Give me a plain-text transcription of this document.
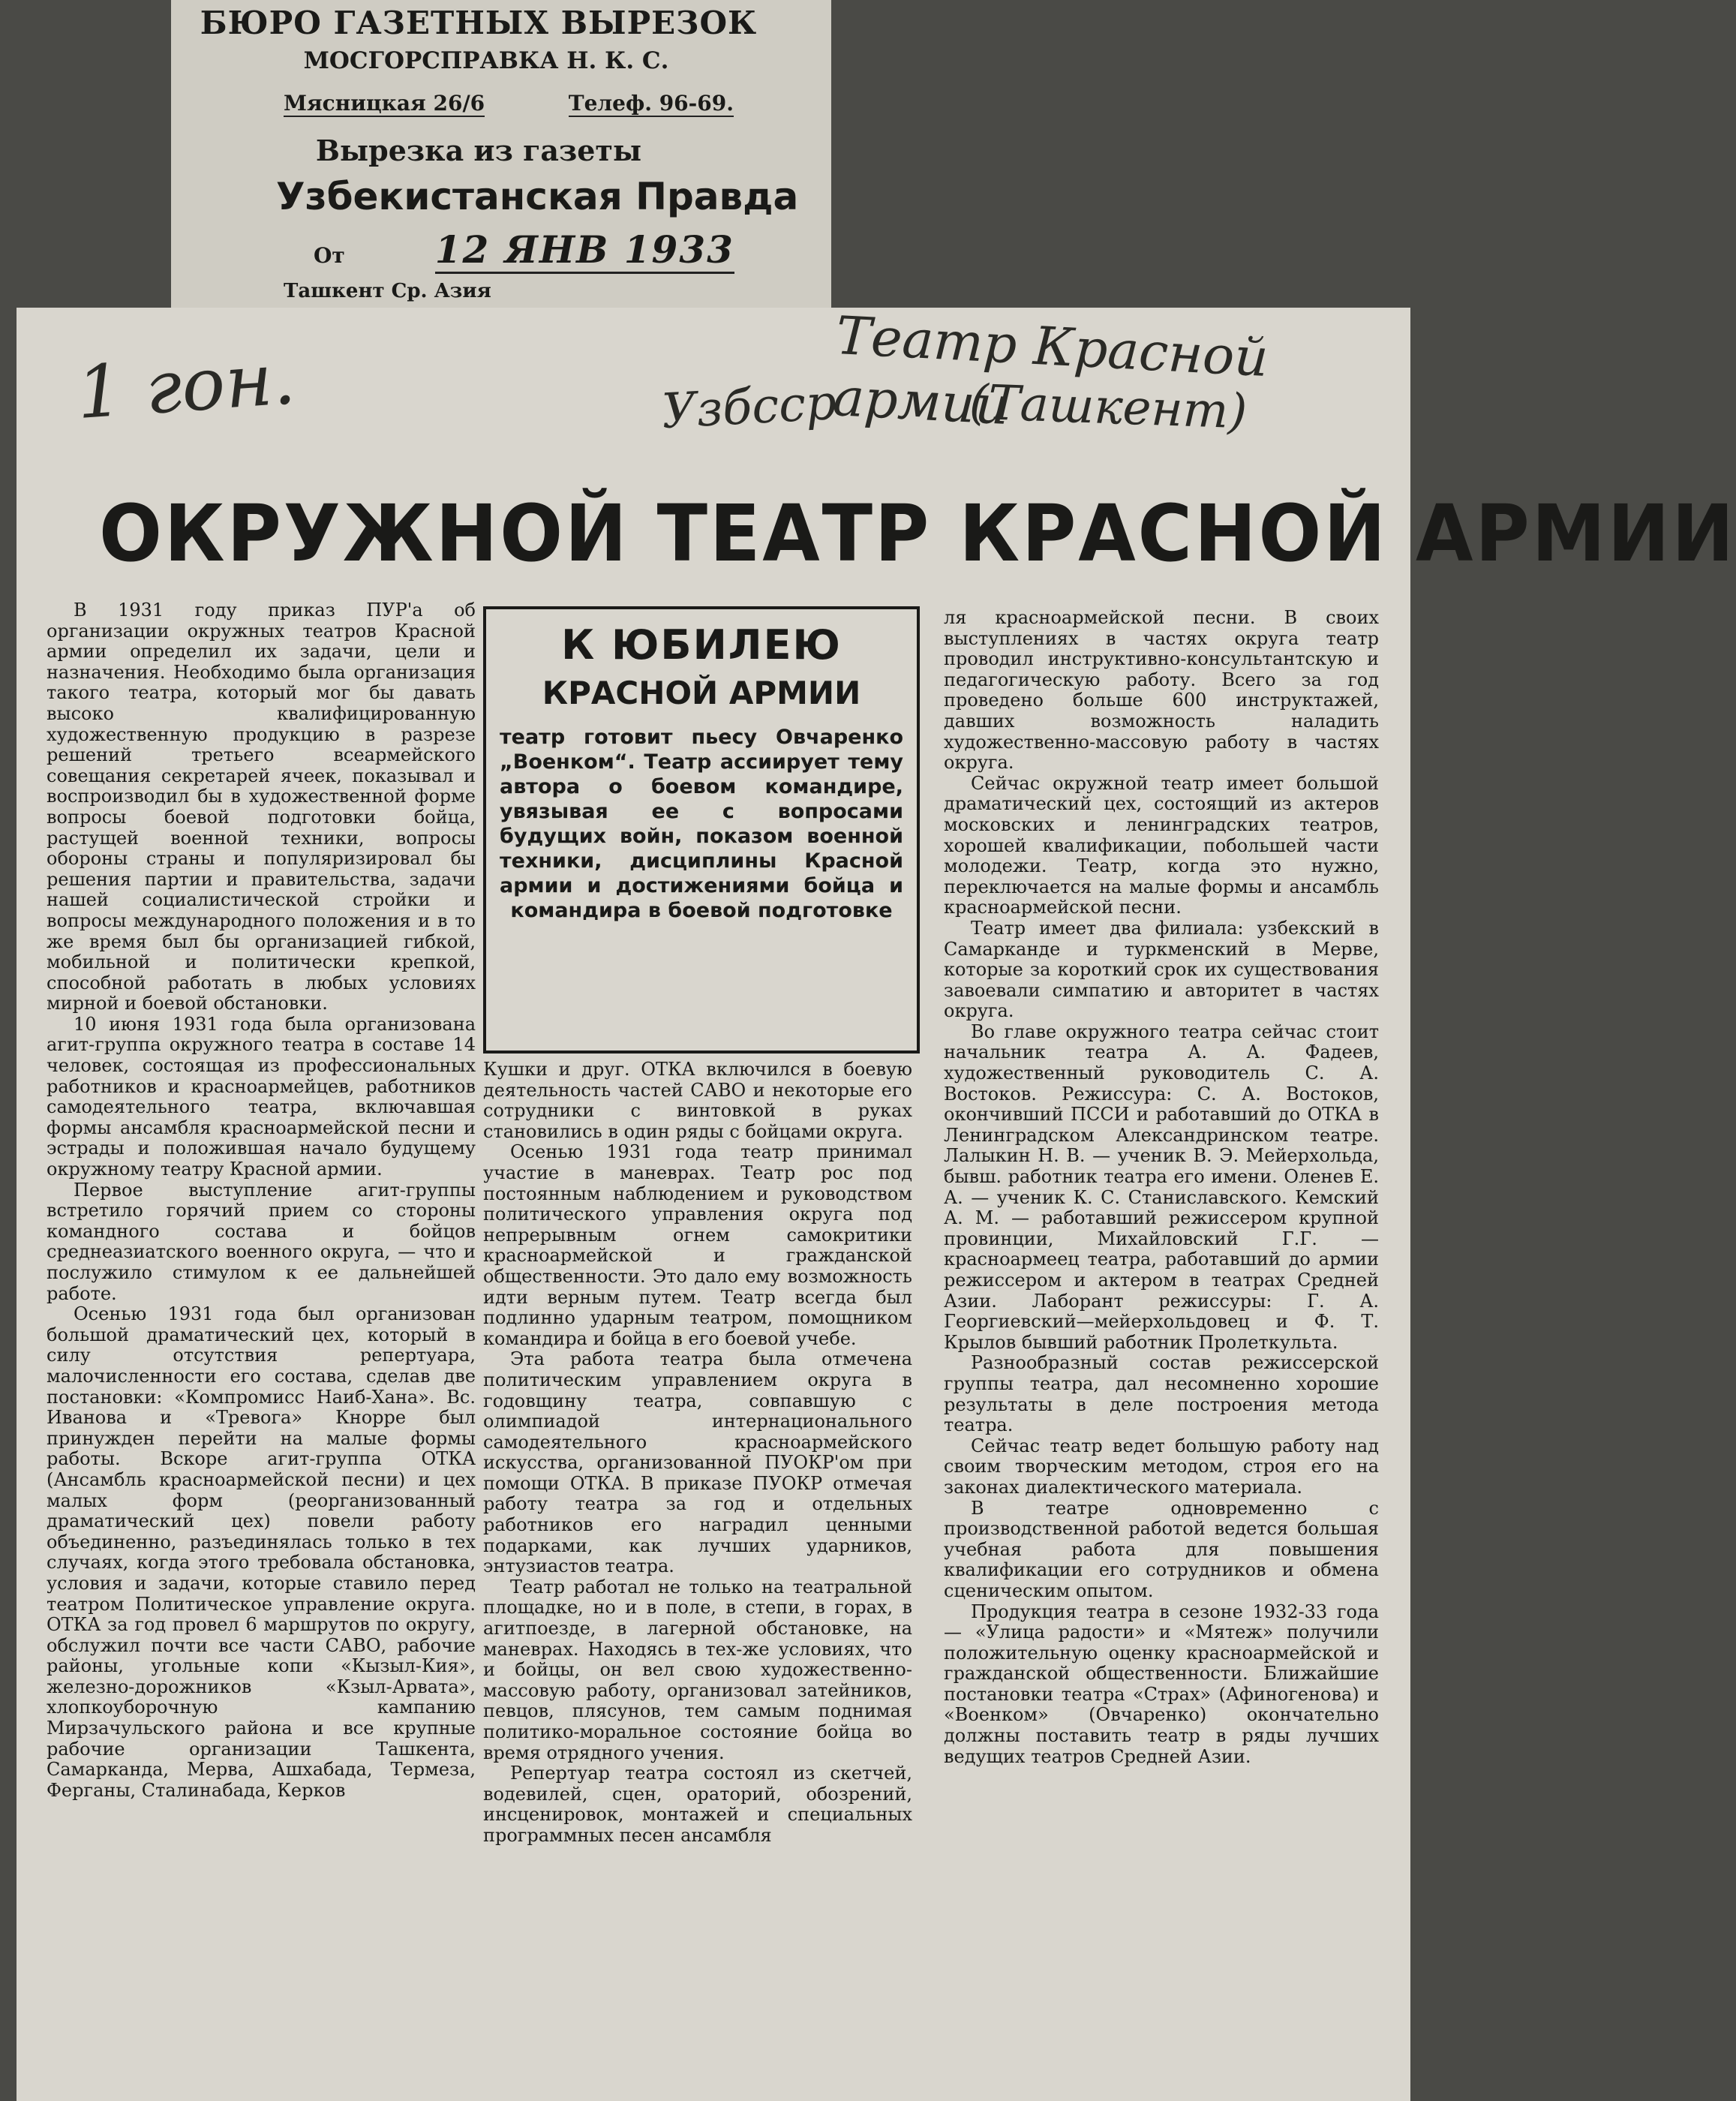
БЮРО ГАЗЕТНЫХ ВЫРЕЗОК
МОСГОРСПРАВКА Н. К. С.
Мясницкая 26/6	Телеф. 96-69.
Вырезка из газеты
Узбекистанская Правда
От 12 ЯНВ 1933
Ташкент Ср. Азия
1 гон.	Узбсср
Театр Красной армии
(Ташкент)
ОКРУЖНОЙ ТЕАТР КРАСНОЙ АРМИИ

В 1931 году приказ ПУР'а об организации окружных театров Красной армии определил их задачи, цели и назначения. Необходимо была организация такого театра, который мог бы давать высоко квалифицированную художественную продукцию в разрезе решений третьего всеармейского совещания секретарей ячеек, показывал и воспроизводил бы в художественной форме вопросы боевой подготовки бойца, растущей военной техники, вопросы обороны страны и популяризировал бы решения партии и правительства, задачи нашей социалистической стройки и вопросы международного положения и в то же время был бы организацией гибкой, мобильной и политически крепкой, способной работать в любых условиях мирной и боевой обстановки.

10 июня 1931 года была организована агит-группа окружного театра в составе 14 человек, состоящая из профессиональных работников и красноармейцев, работников самодеятельного театра, включавшая формы ансамбля красноармейской песни и эстрады и положившая начало будущему окружному театру Красной армии.

Первое выступление агит-группы встретило горячий прием со стороны командного состава и бойцов среднеазиатского военного округа, — что и послужило стимулом к ее дальнейшей работе.

Осенью 1931 года был организован большой драматический цех, который в силу отсутствия репертуара, малочисленности его состава, сделав две постановки: «Компромисс Наиб-Хана». Вс. Иванова и «Тревога» Кнорре был принужден перейти на малые формы работы. Вскоре агит-группа ОТКА (Ансамбль красноармейской песни) и цех малых форм (реорганизованный драматический цех) повели работу объединенно, разъединялась только в тех случаях, когда этого требовала обстановка, условия и задачи, которые ставило перед театром Политическое управление округа. ОТКА за год провел 6 маршрутов по округу, обслужил почти все части САВО, рабочие районы, угольные копи «Кызыл-Кия», железно-дорожников «Кзыл-Арвата», хлопкоуборочную кампанию Мирзачульского района и все крупные рабочие организации Ташкента, Самарканда, Мерва, Ашхабада, Термеза, Ферганы, Сталинабада, Керков

К ЮБИЛЕЮ
КРАСНОЙ АРМИИ
театр готовит пьесу Овчаренко „Военком“. Театр ассиирует тему автора о боевом командире, увязывая ее с вопросами будущих войн, показом военной техники, дисциплины Красной армии и достижениями бойца и командира в боевой подготовке

Кушки и друг. ОТКА включился в боевую деятельность частей САВО и некоторые его сотрудники с винтовкой в руках становились в один ряды с бойцами округа.

Осенью 1931 года театр принимал участие в маневрах. Театр рос под постоянным наблюдением и руководством политического управления округа под непрерывным огнем самокритики красноармейской и гражданской общественности. Это дало ему возможность идти верным путем. Театр всегда был подлинно ударным театром, помощником командира и бойца в его боевой учебе.

Эта работа театра была отмечена политическим управлением округа в годовщину театра, совпавшую с олимпиадой интернационального самодеятельного красноармейского искусства, организованной ПУОКР'ом при помощи ОТКА. В приказе ПУОКР отмечая работу театра за год и отдельных работников его наградил ценными подарками, как лучших ударников, энтузиастов театра.

Театр работал не только на театральной площадке, но и в поле, в степи, в горах, в агитпоезде, в лагерной обстановке, на маневрах. Находясь в тех-же условиях, что и бойцы, он вел свою художественно-массовую работу, организовал затейников, певцов, плясунов, тем самым поднимая политико-моральное состояние бойца во время отрядного учения.

Репертуар театра состоял из скетчей, водевилей, сцен, ораторий, обозрений, инсценировок, монтажей и специальных программных песен ансамбля

ля красноармейской песни. В своих выступлениях в частях округа театр проводил инструктивно-консультантскую и педагогическую работу. Всего за год проведено больше 600 инструктажей, давших возможность наладить художественно-массовую работу в частях округа.

Сейчас окружной театр имеет большой драматический цех, состоящий из актеров московских и ленинградских театров, хорошей квалификации, побольшей части молодежи. Театр, когда это нужно, переключается на малые формы и ансамбль красноармейской песни.

Театр имеет два филиала: узбекский в Самарканде и туркменский в Мерве, которые за короткий срок их существования завоевали симпатию и авторитет в частях округа.

Во главе окружного театра сейчас стоит начальник театра А. А. Фадеев, художественный руководитель С. А. Востоков. Режиссура: С. А. Востоков, окончивший ПССИ и работавший до ОТКА в Ленинградском Александринском театре. Лалыкин Н. В. — ученик В. Э. Мейерхольда, бывш. работник театра его имени. Оленев Е. А. — ученик К. С. Станиславского. Кемский А. М. — работавший режиссером крупной провинции, Михайловский Г.Г. — красноармеец театра, работавший до армии режиссером и актером в театрах Средней Азии. Лаборант режиссуры: Г. А. Георгиевский—мейерхольдовец и Ф. Т. Крылов бывший работник Пролеткульта.

Разнообразный состав режиссерской группы театра, дал несомненно хорошие результаты в деле построения метода театра.

Сейчас театр ведет большую работу над своим творческим методом, строя его на законах диалектического материала.

В театре одновременно с производственной работой ведется большая учебная работа для повышения квалификации его сотрудников и обмена сценическим опытом.

Продукция театра в сезоне 1932-33 года — «Улица радости» и «Мятеж» получили положительную оценку красноармейской и гражданской общественности. Ближайшие постановки театра «Страх» (Афиногенова) и «Военком» (Овчаренко) окончательно должны поставить театр в ряды лучших ведущих театров Средней Азии.
